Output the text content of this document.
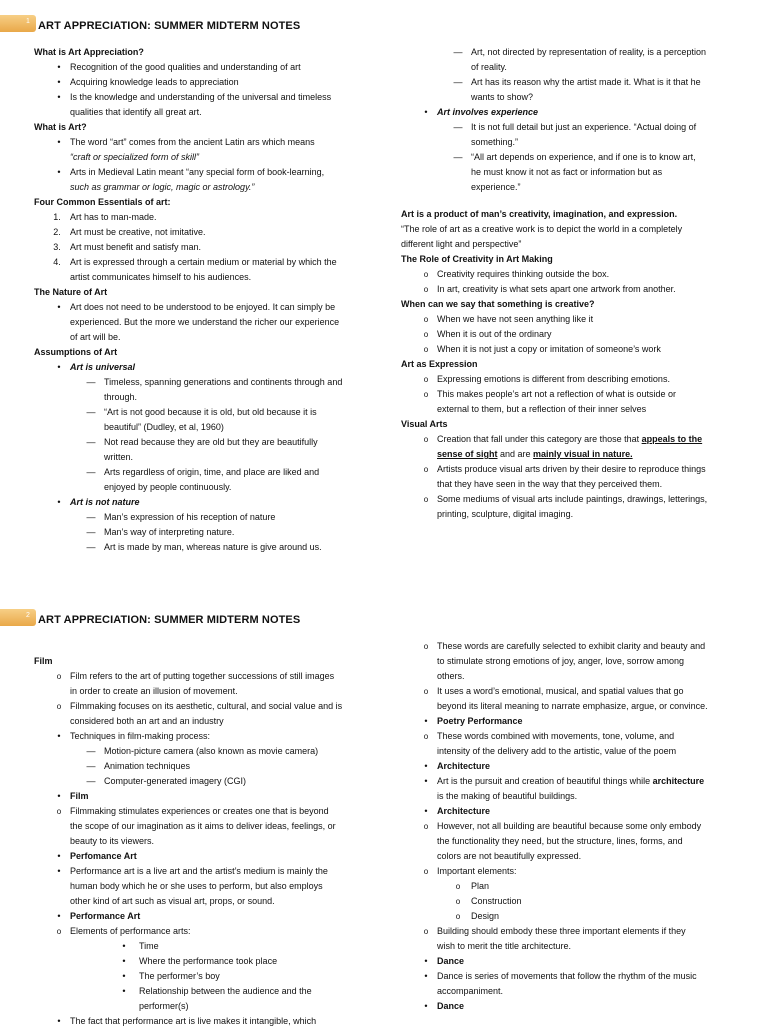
1 ART APPRECIATION: SUMMER MIDTERM NOTES
What is Art Appreciation?
•	Recognition of the good qualities and understanding of art
•	Acquiring knowledge leads to appreciation
•	Is the knowledge and understanding of the universal and timeless
qualities that identify all great art.
What is Art?
•	The word “art” comes from the ancient Latin ars which means
“craft or specialized form of skill”
•	Arts in Medieval Latin meant “any special form of book-learning,
such as grammar or logic, magic or astrology.”
Four Common Essentials of art:
1. Art has to man-made.
2. Art must be creative, not imitative.
3. Art must benefit and satisfy man.
4. Art is expressed through a certain medium or material by which the
artist communicates himself to his audiences.
The Nature of Art
•	Art does not need to be understood to be enjoyed. It can simply be
experienced. But the more we understand the richer our experience
of art will be.
Assumptions of Art
•	Art is universal
— Timeless, spanning generations and continents through and
through.
— “Art is not good because it is old, but old because it is
beautiful” (Dudley, et al, 1960)
— Not read because they are old but they are beautifully
written.
— Arts regardless of origin, time, and place are liked and
enjoyed by people continuously.
•	Art is not nature
— Man’s expression of his reception of nature
— Man’s way of interpreting nature.
— Art is made by man, whereas nature is give around us.
— Art, not directed by representation of reality, is a perception
of reality.
— Art has its reason why the artist made it. What is it that he
wants to show?
•	Art involves experience
— It is not full detail but just an experience. “Actual doing of
something.”
— “All art depends on experience, and if one is to know art,
he must know it not as fact or information but as
experience.”
Art is a product of man’s creativity, imagination, and expression.
“The role of art as a creative work is to depict the world in a completely
different light and perspective”
The Role of Creativity in Art Making
o Creativity requires thinking outside the box.
o In art, creativity is what sets apart one artwork from another.
When can we say that something is creative?
o When we have not seen anything like it
o When it is out of the ordinary
o When it is not just a copy or imitation of someone’s work
Art as Expression
o Expressing emotions is different from describing emotions.
o This makes people’s art not a reflection of what is outside or
external to them, but a reflection of their inner selves
Visual Arts
o Creation that fall under this category are those that appeals to the
sense of sight and are mainly visual in nature.
o Artists produce visual arts driven by their desire to reproduce things
that they have seen in the way that they perceived them.
o Some mediums of visual arts include paintings, drawings, letterings,
printing, sculpture, digital imaging.
2 ART APPRECIATION: SUMMER MIDTERM NOTES
Film
o Film refers to the art of putting together successions of still images
in order to create an illusion of movement.
o Filmmaking focuses on its aesthetic, cultural, and social value and is
considered both an art and an industry
•	Techniques in film-making process:
— Motion-picture camera (also known as movie camera)
— Animation techniques
— Computer-generated imagery (CGI)
•	Film
o Filmmaking stimulates experiences or creates one that is beyond
the scope of our imagination as it aims to deliver ideas, feelings, or
beauty to its viewers.
•	Perfomance Art
•	Performance art is a live art and the artist’s medium is mainly the
human body which he or she uses to perform, but also employs
other kind of art such as visual art, props, or sound.
•	Performance Art
o Elements of performance arts:
•	Time
•	Where the performance took place
•	The performer’s boy
•	Relationship between the audience and the
performer(s)
•	The fact that performance art is live makes it intangible, which
o These words are carefully selected to exhibit clarity and beauty and
to stimulate strong emotions of joy, anger, love, sorrow among
others.
o It uses a word’s emotional, musical, and spatial values that go
beyond its literal meaning to narrate emphasize, argue, or convince.
•	Poetry Performance
o These words combined with movements, tone, volume, and
intensity of the delivery add to the artistic, value of the poem
•	Architecture
•	Art is the pursuit and creation of beautiful things while architecture
is the making of beautiful buildings.
•	Architecture
o However, not all building are beautiful because some only embody
the functionality they need, but the structure, lines, forms, and
colors are not beautifully expressed.
o Important elements:
o	Plan
o	Construction
o	Design
o Building should embody these three important elements if they
wish to merit the title architecture.
•	Dance
•	Dance is series of movements that follow the rhythm of the music
accompaniment.
•	Dance
